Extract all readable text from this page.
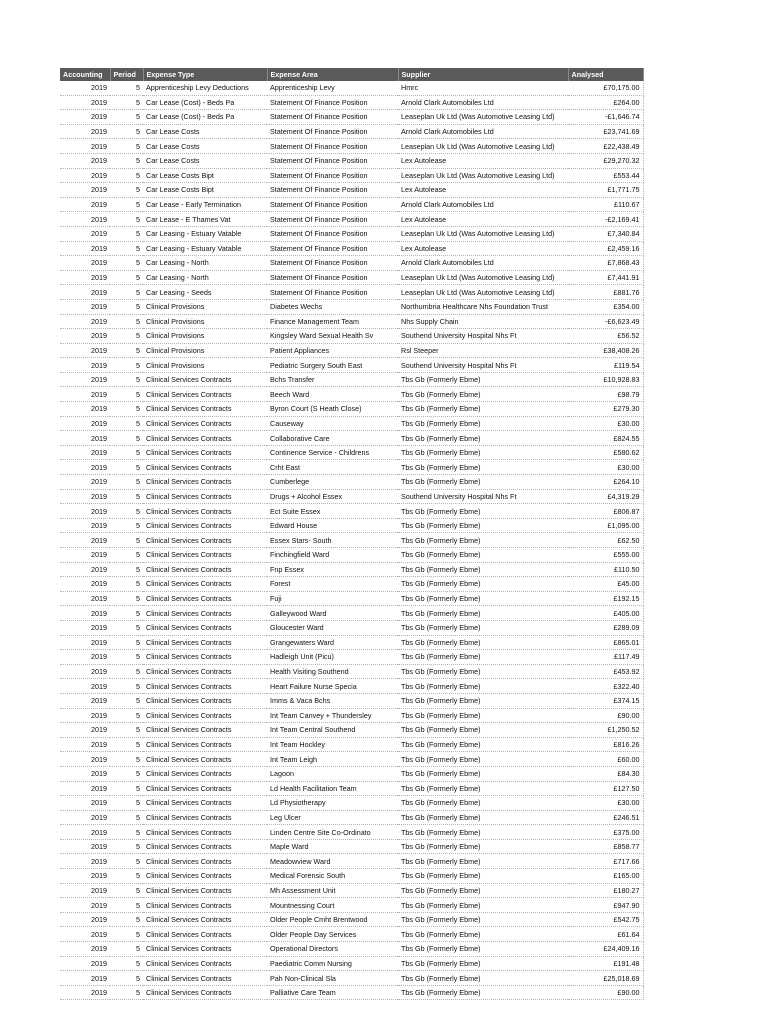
Accounting	Period	Expense Type	Expense Area	Supplier	Analysed
2019	5	Apprenticeship Levy Deductions	Apprenticeship Levy	Hmrc	£70,175.00
2019	5	Car Lease (Cost) - Beds Pa	Statement Of Finance Position	Arnold Clark Automobiles Ltd	£264.00
2019	5	Car Lease (Cost) - Beds Pa	Statement Of Finance Position	Leaseplan Uk Ltd (Was Automotive Leasing Ltd)	-£1,646.74
2019	5	Car Lease Costs	Statement Of Finance Position	Arnold Clark Automobiles Ltd	£23,741.69
2019	5	Car Lease Costs	Statement Of Finance Position	Leaseplan Uk Ltd (Was Automotive Leasing Ltd)	£22,438.49
2019	5	Car Lease Costs	Statement Of Finance Position	Lex Autolease	£29,270.32
2019	5	Car Lease Costs Bipt	Statement Of Finance Position	Leaseplan Uk Ltd (Was Automotive Leasing Ltd)	£553.44
2019	5	Car Lease Costs Bipt	Statement Of Finance Position	Lex Autolease	£1,771.75
2019	5	Car Lease - Early Termination	Statement Of Finance Position	Arnold Clark Automobiles Ltd	£110.67
2019	5	Car Lease - E Thames Vat	Statement Of Finance Position	Lex Autolease	-£2,169.41
2019	5	Car Leasing - Estuary Vatable	Statement Of Finance Position	Leaseplan Uk Ltd (Was Automotive Leasing Ltd)	£7,340.84
2019	5	Car Leasing - Estuary Vatable	Statement Of Finance Position	Lex Autolease	£2,459.16
2019	5	Car Leasing - North	Statement Of Finance Position	Arnold Clark Automobiles Ltd	£7,868.43
2019	5	Car Leasing - North	Statement Of Finance Position	Leaseplan Uk Ltd (Was Automotive Leasing Ltd)	£7,441.91
2019	5	Car Leasing - Seeds	Statement Of Finance Position	Leaseplan Uk Ltd (Was Automotive Leasing Ltd)	£881.76
2019	5	Clinical Provisions	Diabetes Wechs	Northumbria Healthcare Nhs Foundation Trust	£354.00
2019	5	Clinical Provisions	Finance Management Team	Nhs Supply Chain	-£6,623.49
2019	5	Clinical Provisions	Kingsley Ward Sexual Health Sv	Southend University Hospital Nhs Ft	£56.52
2019	5	Clinical Provisions	Patient Appliances	Rsl Steeper	£38,408.26
2019	5	Clinical Provisions	Pediatric Surgery South East	Southend University Hospital Nhs Ft	£119.54
2019	5	Clinical Services Contracts	Bchs Transfer	Tbs Gb (Formerly Ebme)	£10,928.83
2019	5	Clinical Services Contracts	Beech Ward	Tbs Gb (Formerly Ebme)	£98.79
2019	5	Clinical Services Contracts	Byron Court (S Heath Close)	Tbs Gb (Formerly Ebme)	£279.30
2019	5	Clinical Services Contracts	Causeway	Tbs Gb (Formerly Ebme)	£30.00
2019	5	Clinical Services Contracts	Collaborative Care	Tbs Gb (Formerly Ebme)	£824.55
2019	5	Clinical Services Contracts	Continence Service - Childrens	Tbs Gb (Formerly Ebme)	£580.62
2019	5	Clinical Services Contracts	Crht East	Tbs Gb (Formerly Ebme)	£30.00
2019	5	Clinical Services Contracts	Cumberlege	Tbs Gb (Formerly Ebme)	£264.10
2019	5	Clinical Services Contracts	Drugs + Alcohol Essex	Southend University Hospital Nhs Ft	£4,319.29
2019	5	Clinical Services Contracts	Ect Suite Essex	Tbs Gb (Formerly Ebme)	£806.87
2019	5	Clinical Services Contracts	Edward House	Tbs Gb (Formerly Ebme)	£1,095.00
2019	5	Clinical Services Contracts	Essex Stars- South	Tbs Gb (Formerly Ebme)	£62.50
2019	5	Clinical Services Contracts	Finchingfield Ward	Tbs Gb (Formerly Ebme)	£555.00
2019	5	Clinical Services Contracts	Fnp Essex	Tbs Gb (Formerly Ebme)	£110.50
2019	5	Clinical Services Contracts	Forest	Tbs Gb (Formerly Ebme)	£45.00
2019	5	Clinical Services Contracts	Fuji	Tbs Gb (Formerly Ebme)	£192.15
2019	5	Clinical Services Contracts	Galleywood Ward	Tbs Gb (Formerly Ebme)	£405.00
2019	5	Clinical Services Contracts	Gloucester Ward	Tbs Gb (Formerly Ebme)	£289.09
2019	5	Clinical Services Contracts	Grangewaters Ward	Tbs Gb (Formerly Ebme)	£865.01
2019	5	Clinical Services Contracts	Hadleigh Unit (Picu)	Tbs Gb (Formerly Ebme)	£117.49
2019	5	Clinical Services Contracts	Health Visiting Southend	Tbs Gb (Formerly Ebme)	£453.92
2019	5	Clinical Services Contracts	Heart Failure Nurse Specia	Tbs Gb (Formerly Ebme)	£322.40
2019	5	Clinical Services Contracts	Imms & Vaca Bchs	Tbs Gb (Formerly Ebme)	£374.15
2019	5	Clinical Services Contracts	Int Team Canvey + Thundersley	Tbs Gb (Formerly Ebme)	£90.00
2019	5	Clinical Services Contracts	Int Team Central Southend	Tbs Gb (Formerly Ebme)	£1,250.52
2019	5	Clinical Services Contracts	Int Team Hockley	Tbs Gb (Formerly Ebme)	£816.26
2019	5	Clinical Services Contracts	Int Team Leigh	Tbs Gb (Formerly Ebme)	£60.00
2019	5	Clinical Services Contracts	Lagoon	Tbs Gb (Formerly Ebme)	£84.30
2019	5	Clinical Services Contracts	Ld Health Facilitation Team	Tbs Gb (Formerly Ebme)	£127.50
2019	5	Clinical Services Contracts	Ld Physiotherapy	Tbs Gb (Formerly Ebme)	£30.00
2019	5	Clinical Services Contracts	Leg Ulcer	Tbs Gb (Formerly Ebme)	£246.51
2019	5	Clinical Services Contracts	Linden Centre Site Co-Ordinato	Tbs Gb (Formerly Ebme)	£375.00
2019	5	Clinical Services Contracts	Maple Ward	Tbs Gb (Formerly Ebme)	£858.77
2019	5	Clinical Services Contracts	Meadowview Ward	Tbs Gb (Formerly Ebme)	£717.66
2019	5	Clinical Services Contracts	Medical Forensic South	Tbs Gb (Formerly Ebme)	£165.00
2019	5	Clinical Services Contracts	Mh Assessment Unit	Tbs Gb (Formerly Ebme)	£180.27
2019	5	Clinical Services Contracts	Mountnessing Court	Tbs Gb (Formerly Ebme)	£947.90
2019	5	Clinical Services Contracts	Older People Cmht Brentwood	Tbs Gb (Formerly Ebme)	£542.75
2019	5	Clinical Services Contracts	Older People Day Services	Tbs Gb (Formerly Ebme)	£61.64
2019	5	Clinical Services Contracts	Operational Directors	Tbs Gb (Formerly Ebme)	£24,409.16
2019	5	Clinical Services Contracts	Paediatric Comm Nursing	Tbs Gb (Formerly Ebme)	£191.48
2019	5	Clinical Services Contracts	Pah Non-Clinical Sla	Tbs Gb (Formerly Ebme)	£25,018.69
2019	5	Clinical Services Contracts	Palliative Care Team	Tbs Gb (Formerly Ebme)	£90.00
